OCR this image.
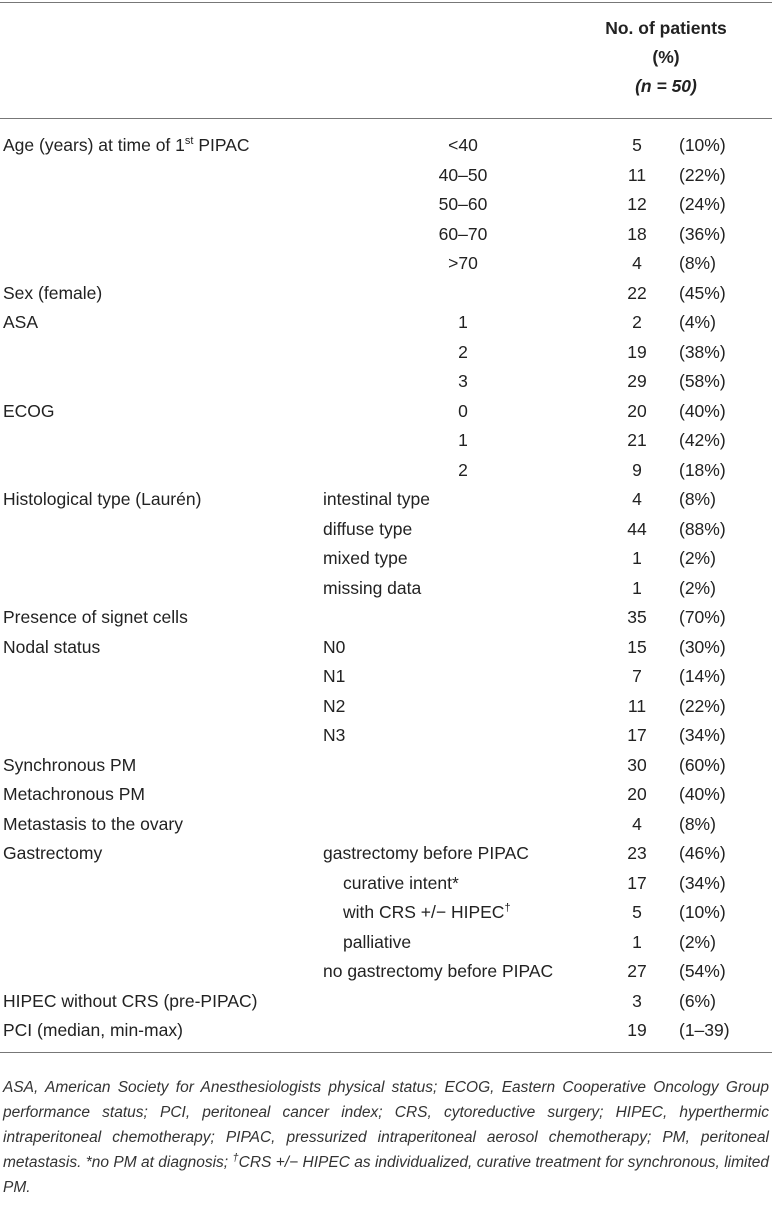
No. of patients
(%)
(n = 50)
Age (years) at time of 1st PIPAC	<40	5	(10%)

	40–50	11	(22%)

	50–60	12	(24%)

	60–70	18	(36%)

	>70	4	(8%)
Sex (female)		22	(45%)
ASA	1	2	(4%)

	2	19	(38%)

	3	29	(58%)
ECOG	0	20	(40%)

	1	21	(42%)

	2	9	(18%)
Histological type (Laurén)	intestinal type	4	(8%)

	diffuse type	44	(88%)

	mixed type	1	(2%)

	missing data	1	(2%)
Presence of signet cells		35	(70%)
Nodal status	N0	15	(30%)

	N1	7	(14%)

	N2	11	(22%)

	N3	17	(34%)
Synchronous PM		30	(60%)
Metachronous PM		20	(40%)
Metastasis to the ovary		4	(8%)
Gastrectomy	gastrectomy before PIPAC	23	(46%)

	curative intent*	17	(34%)

	with CRS +/− HIPEC†	5	(10%)

	palliative	1	(2%)

	no gastrectomy before PIPAC	27	(54%)
HIPEC without CRS (pre-PIPAC)		3	(6%)
PCI (median, min-max)		19	(1–39)
ASA, American Society for Anesthesiologists physical status; ECOG, Eastern Cooperative Oncology Group performance status; PCI, peritoneal cancer index; CRS, cytoreductive surgery; HIPEC, hyperthermic intraperitoneal chemotherapy; PIPAC, pressurized intraperitoneal aerosol chemotherapy; PM, peritoneal metastasis. *no PM at diagnosis; †CRS +/− HIPEC as individualized, curative treatment for synchronous, limited PM.
